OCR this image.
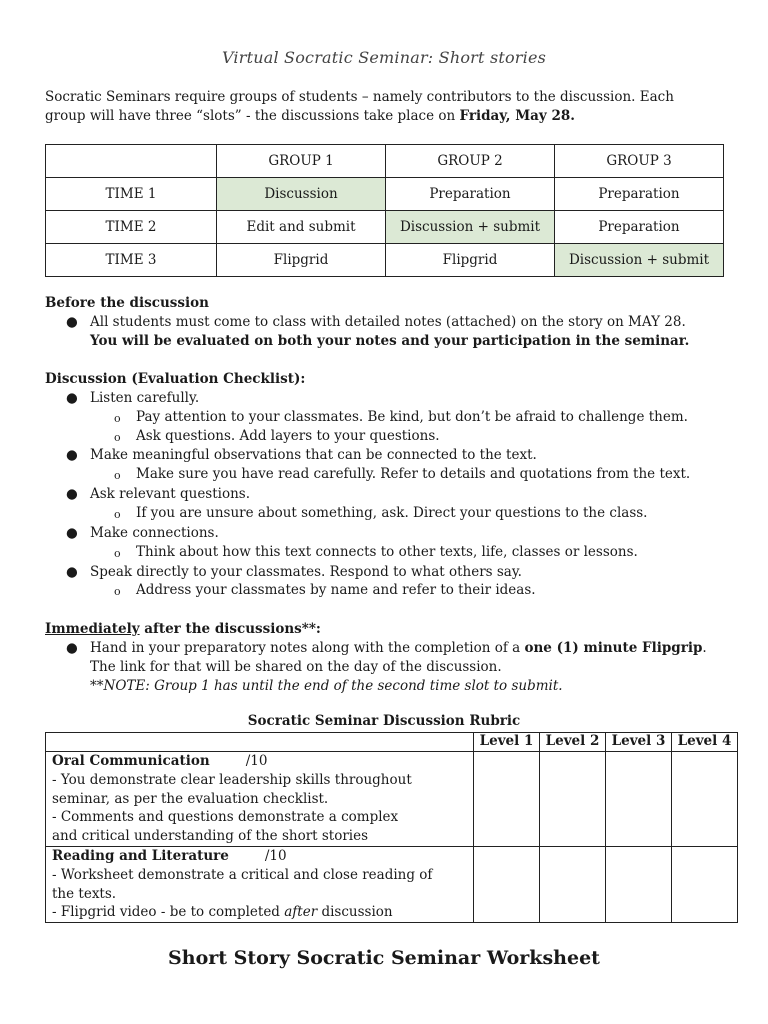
Virtual Socratic Seminar: Short stories
Socratic Seminars require groups of students – namely contributors to the discussion. Each
group will have three “slots” - the discussions take place on Friday, May 28.
	GROUP 1	GROUP 2	GROUP 3
TIME 1	Discussion	Preparation	Preparation
TIME 2	Edit and submit	Discussion + submit	Preparation
TIME 3	Flipgrid	Flipgrid	Discussion + submit
Before the discussion
● All students must come to class with detailed notes (attached) on the story on MAY 28.
You will be evaluated on both your notes and your participation in the seminar.
Discussion (Evaluation Checklist):
● Listen carefully.
o Pay attention to your classmates. Be kind, but don’t be afraid to challenge them.
o Ask questions. Add layers to your questions.
● Make meaningful observations that can be connected to the text.
o Make sure you have read carefully. Refer to details and quotations from the text.
● Ask relevant questions.
o If you are unsure about something, ask. Direct your questions to the class.
● Make connections.
o Think about how this text connects to other texts, life, classes or lessons.
● Speak directly to your classmates. Respond to what others say.
o Address your classmates by name and refer to their ideas.
Immediately after the discussions**:
● Hand in your preparatory notes along with the completion of a one (1) minute Flipgrip.
The link for that will be shared on the day of the discussion.
**NOTE: Group 1 has until the end of the second time slot to submit.
Socratic Seminar Discussion Rubric
	Level 1	Level 2	Level 3	Level 4

Oral Communication /10
- You demonstrate clear leadership skills throughout
seminar, as per the evaluation checklist.
- Comments and questions demonstrate a complex
and critical understanding of the short stories				

Reading and Literature /10
- Worksheet demonstrate a critical and close reading of
the texts.
- Flipgrid video - be to completed after discussion				

Short Story Socratic Seminar Worksheet
